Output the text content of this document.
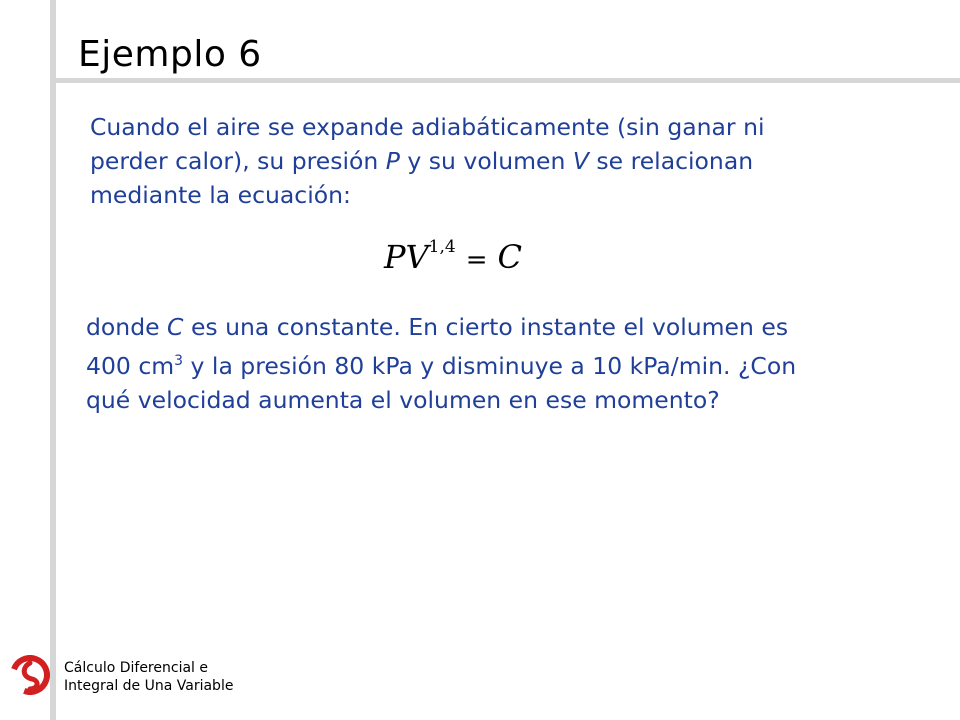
Ejemplo 6
Cuando el aire se expande adiabáticamente (sin ganar ni
perder calor), su presión P y su volumen V se relacionan
mediante la ecuación:
PV$^{1,4}$ = C
donde C es una constante. En cierto instante el volumen es
400 $cm^3$ y la presión 80 kPa y disminuye a 10 kPa/min. ¿Con
qué velocidad aumenta el volumen en ese momento?
Cálculo Diferencial e
Integral de Una Variable
